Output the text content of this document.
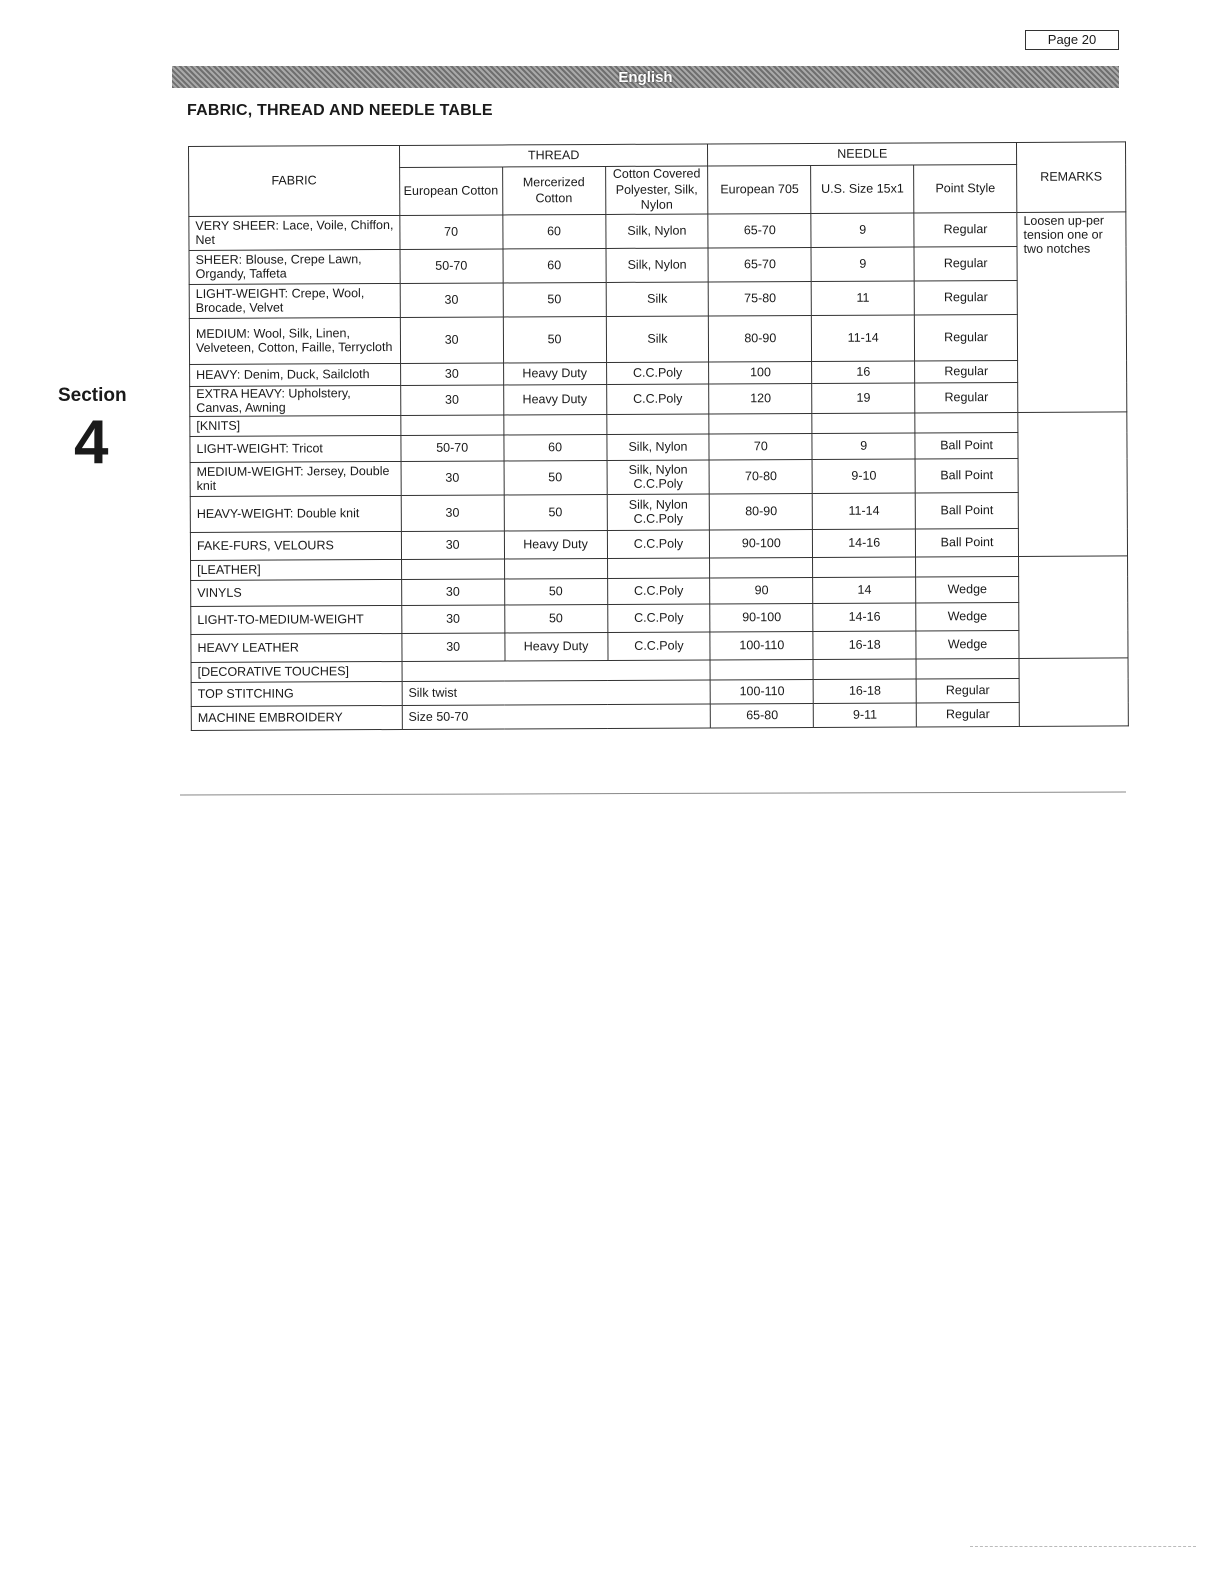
Page 20
English
FABRIC, THREAD AND NEEDLE TABLE
Section
4
FABRIC	THREAD			NEEDLE			REMARKS
	European Cotton	Mercerized Cotton	Cotton Covered Polyester, Silk, Nylon	European 705	U.S. Size 15x1	Point Style	
VERY SHEER: Lace, Voile, Chiffon, Net	70	60	Silk, Nylon	65-70	9	Regular	Loosen up-per tension one or two notches
SHEER: Blouse, Crepe Lawn, Organdy, Taffeta	50-70	60	Silk, Nylon	65-70	9	Regular	
LIGHT-WEIGHT: Crepe, Wool, Brocade, Velvet	30	50	Silk	75-80	11	Regular	
MEDIUM: Wool, Silk, Linen, Velveteen, Cotton, Faille, Terrycloth	30	50	Silk	80-90	11-14	Regular	
HEAVY: Denim, Duck, Sailcloth	30	Heavy Duty	C.C.Poly	100	16	Regular	
EXTRA HEAVY: Upholstery, Canvas, Awning	30	Heavy Duty	C.C.Poly	120	19	Regular	
[KNITS]							
LIGHT-WEIGHT: Tricot	50-70	60	Silk, Nylon	70	9	Ball Point	
MEDIUM-WEIGHT: Jersey, Double knit	30	50	Silk, Nylon C.C.Poly	70-80	9-10	Ball Point	
HEAVY-WEIGHT: Double knit	30	50	Silk, Nylon C.C.Poly	80-90	11-14	Ball Point	
FAKE-FURS, VELOURS	30	Heavy Duty	C.C.Poly	90-100	14-16	Ball Point	
[LEATHER]							
VINYLS	30	50	C.C.Poly	90	14	Wedge	
LIGHT-TO-MEDIUM-WEIGHT	30	50	C.C.Poly	90-100	14-16	Wedge	
HEAVY LEATHER	30	Heavy Duty	C.C.Poly	100-110	16-18	Wedge	
[DECORATIVE TOUCHES]							
TOP STITCHING	Silk twist			100-110	16-18	Regular	
MACHINE EMBROIDERY	Size 50-70			65-80	9-11	Regular	
